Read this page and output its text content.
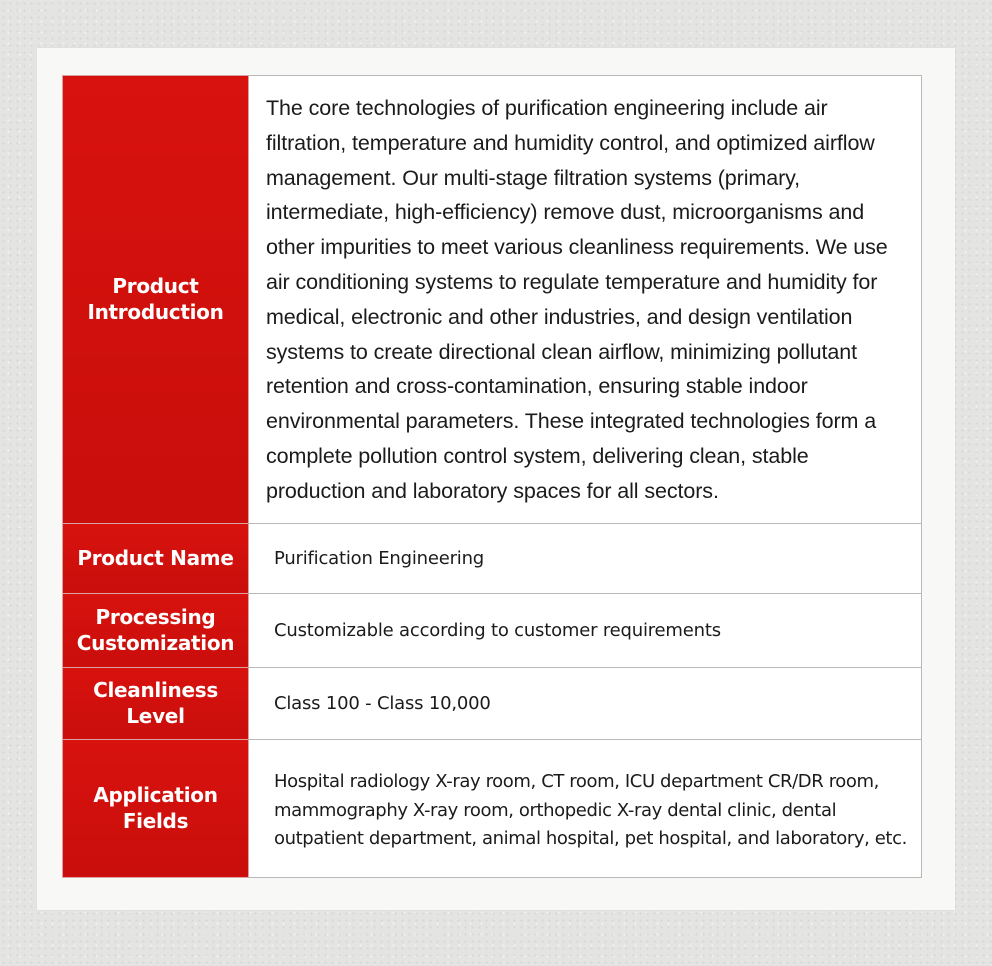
Product Introduction	The core technologies of purification engineering include air filtration, temperature and humidity control, and optimized airflow management. Our multi-stage filtration systems (primary, intermediate, high-efficiency) remove dust, microorganisms and other impurities to meet various cleanliness requirements. We use air conditioning systems to regulate temperature and humidity for medical, electronic and other industries, and design ventilation systems to create directional clean airflow, minimizing pollutant retention and cross-contamination, ensuring stable indoor environmental parameters. These integrated technologies form a complete pollution control system, delivering clean, stable production and laboratory spaces for all sectors.

Product Name	Purification Engineering

Processing Customization	Customizable according to customer requirements

Cleanliness Level	Class 100 - Class 10,000

Application Fields	Hospital radiology X-ray room, CT room, ICU department CR/DR room, mammography X-ray room, orthopedic X-ray dental clinic, dental outpatient department, animal hospital, pet hospital, and laboratory, etc.
